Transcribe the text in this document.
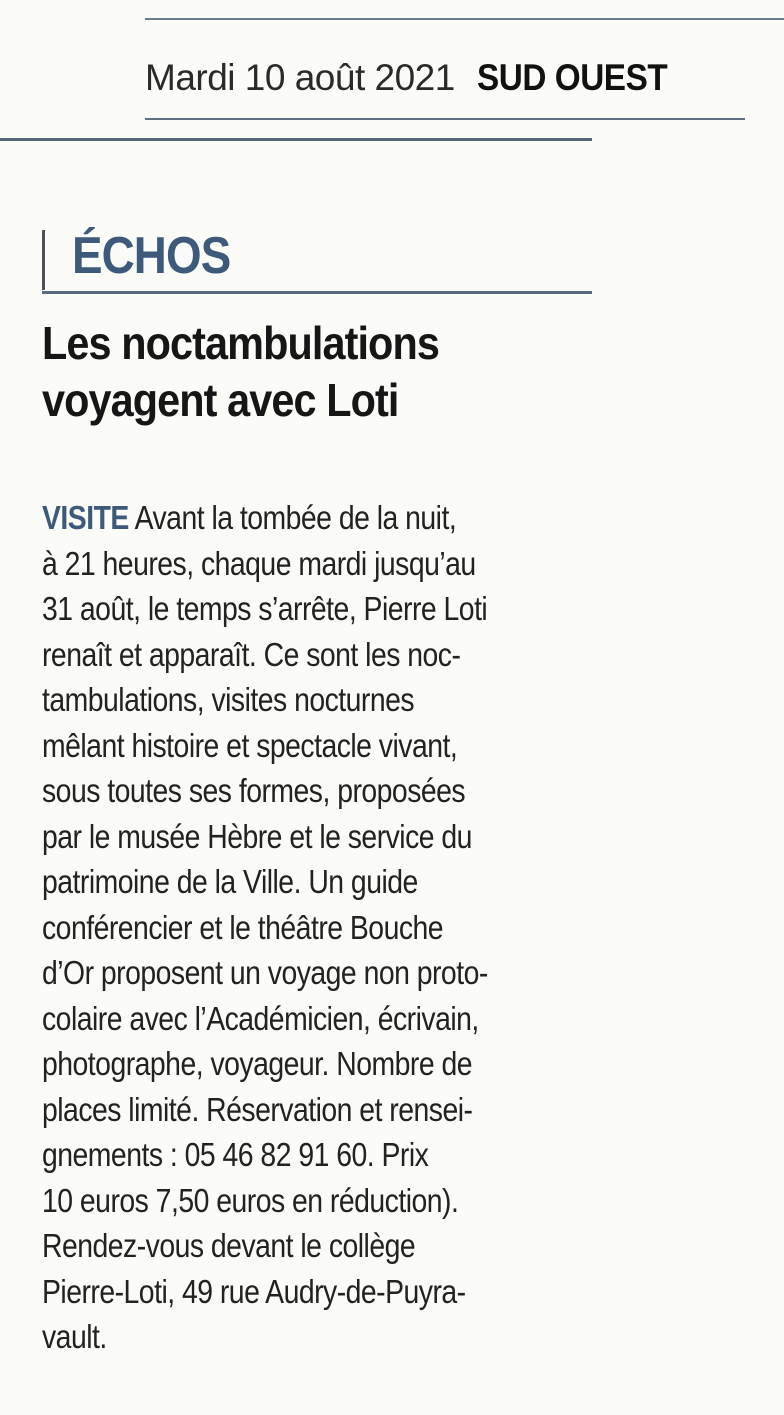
Mardi 10 août 2021 SUD OUEST
ÉCHOS
Les noctambulations
voyagent avec Loti
VISITE Avant la tombée de la nuit,
à 21 heures, chaque mardi jusqu’au
31 août, le temps s’arrête, Pierre Loti
renaît et apparaît. Ce sont les noc-
tambulations, visites nocturnes
mêlant histoire et spectacle vivant,
sous toutes ses formes, proposées
par le musée Hèbre et le service du
patrimoine de la Ville. Un guide
conférencier et le théâtre Bouche
d’Or proposent un voyage non proto-
colaire avec l’Académicien, écrivain,
photographe, voyageur. Nombre de
places limité. Réservation et rensei-
gnements : 05 46 82 91 60. Prix
10 euros 7,50 euros en réduction).
Rendez-vous devant le collège
Pierre-Loti, 49 rue Audry-de-Puyra-
vault.
